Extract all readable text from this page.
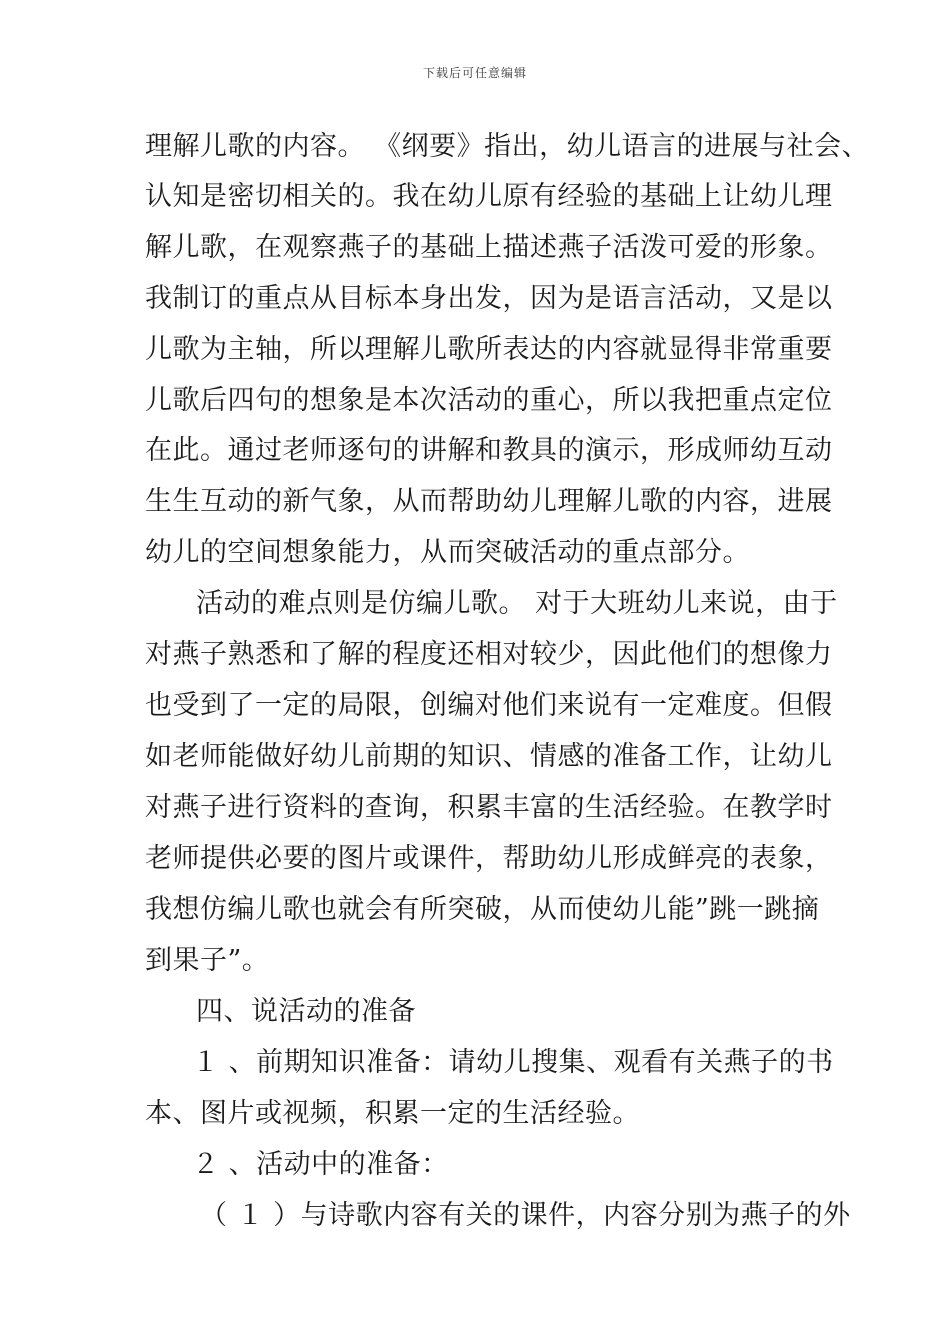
下载后可任意编辑
理解儿歌的内容。 《纲要》指出，幼儿语言的进展与社会、
认知是密切相关的。我在幼儿原有经验的基础上让幼儿理
解儿歌，在观察燕子的基础上描述燕子活泼可爱的形象。
我制订的重点从目标本身出发，因为是语言活动，又是以
儿歌为主轴，所以理解儿歌所表达的内容就显得非常重要
儿歌后四句的想象是本次活动的重心，所以我把重点定位
在此。通过老师逐句的讲解和教具的演示，形成师幼互动
生生互动的新气象，从而帮助幼儿理解儿歌的内容，进展
幼儿的空间想象能力，从而突破活动的重点部分。
活动的难点则是仿编儿歌。 对于大班幼儿来说，由于
对燕子熟悉和了解的程度还相对较少，因此他们的想像力
也受到了一定的局限，创编对他们来说有一定难度。但假
如老师能做好幼儿前期的知识、情感的准备工作，让幼儿
对燕子进行资料的查询，积累丰富的生活经验。在教学时
老师提供必要的图片或课件，帮助幼儿形成鲜亮的表象，
我想仿编儿歌也就会有所突破，从而使幼儿能”跳一跳摘
到果子”。
四、说活动的准备
１ 、前期知识准备：请幼儿搜集、观看有关燕子的书
本、图片或视频，积累一定的生活经验。
２ 、活动中的准备：
（ １ ）与诗歌内容有关的课件，内容分别为燕子的外
